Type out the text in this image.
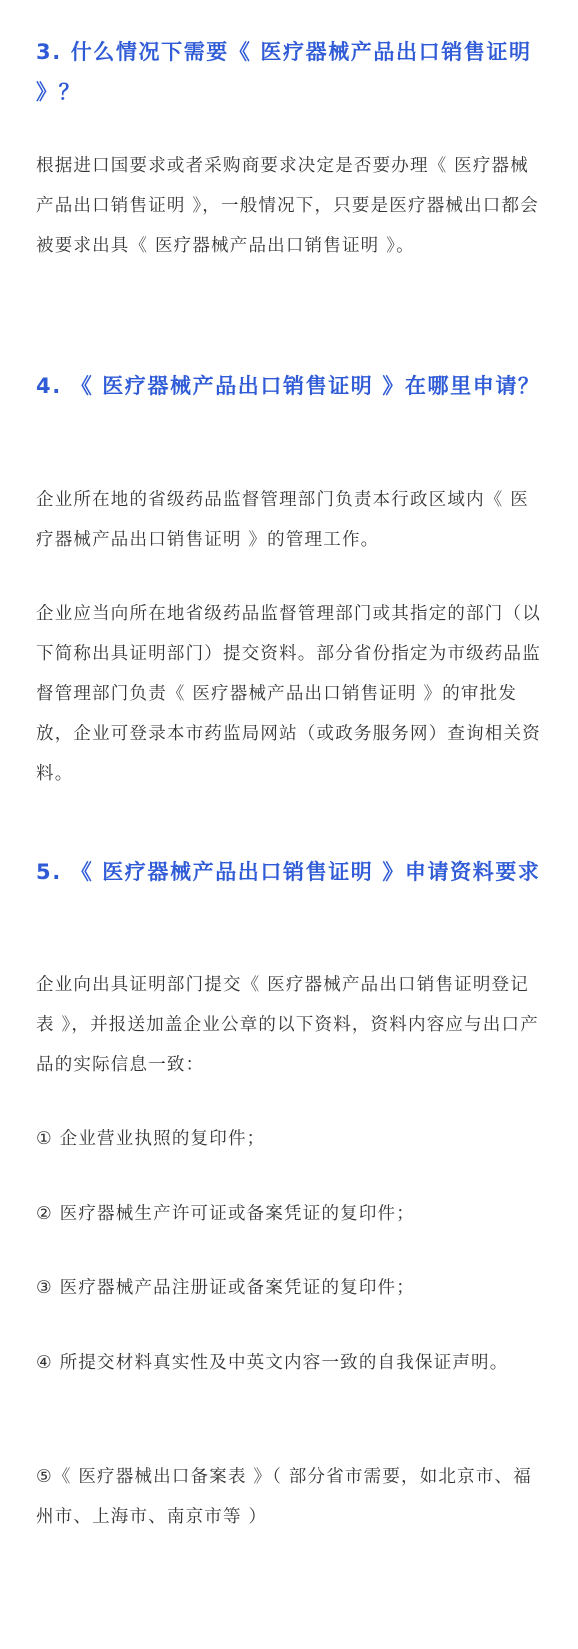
3. 什么情况下需要《 医疗器械产品出口销售证明 》？

根据进口国要求或者采购商要求决定是否要办理《 医疗器械产品出口销售证明 》，一般情况下，只要是医疗器械出口都会被要求出具《 医疗器械产品出口销售证明 》。

4. 《 医疗器械产品出口销售证明 》在哪里申请？

企业所在地的省级药品监督管理部门负责本行政区域内《 医疗器械产品出口销售证明 》的管理工作。

企业应当向所在地省级药品监督管理部门或其指定的部门（以下简称出具证明部门）提交资料。部分省份指定为市级药品监督管理部门负责《 医疗器械产品出口销售证明 》的审批发放，企业可登录本市药监局网站（或政务服务网）查询相关资料。

5. 《 医疗器械产品出口销售证明 》申请资料要求

企业向出具证明部门提交《 医疗器械产品出口销售证明登记表 》，并报送加盖企业公章的以下资料，资料内容应与出口产品的实际信息一致：

① 企业营业执照的复印件；

② 医疗器械生产许可证或备案凭证的复印件；

③ 医疗器械产品注册证或备案凭证的复印件；

④ 所提交材料真实性及中英文内容一致的自我保证声明。

⑤《 医疗器械出口备案表 》（ 部分省市需要，如北京市、福州市、上海市、南京市等 ）
